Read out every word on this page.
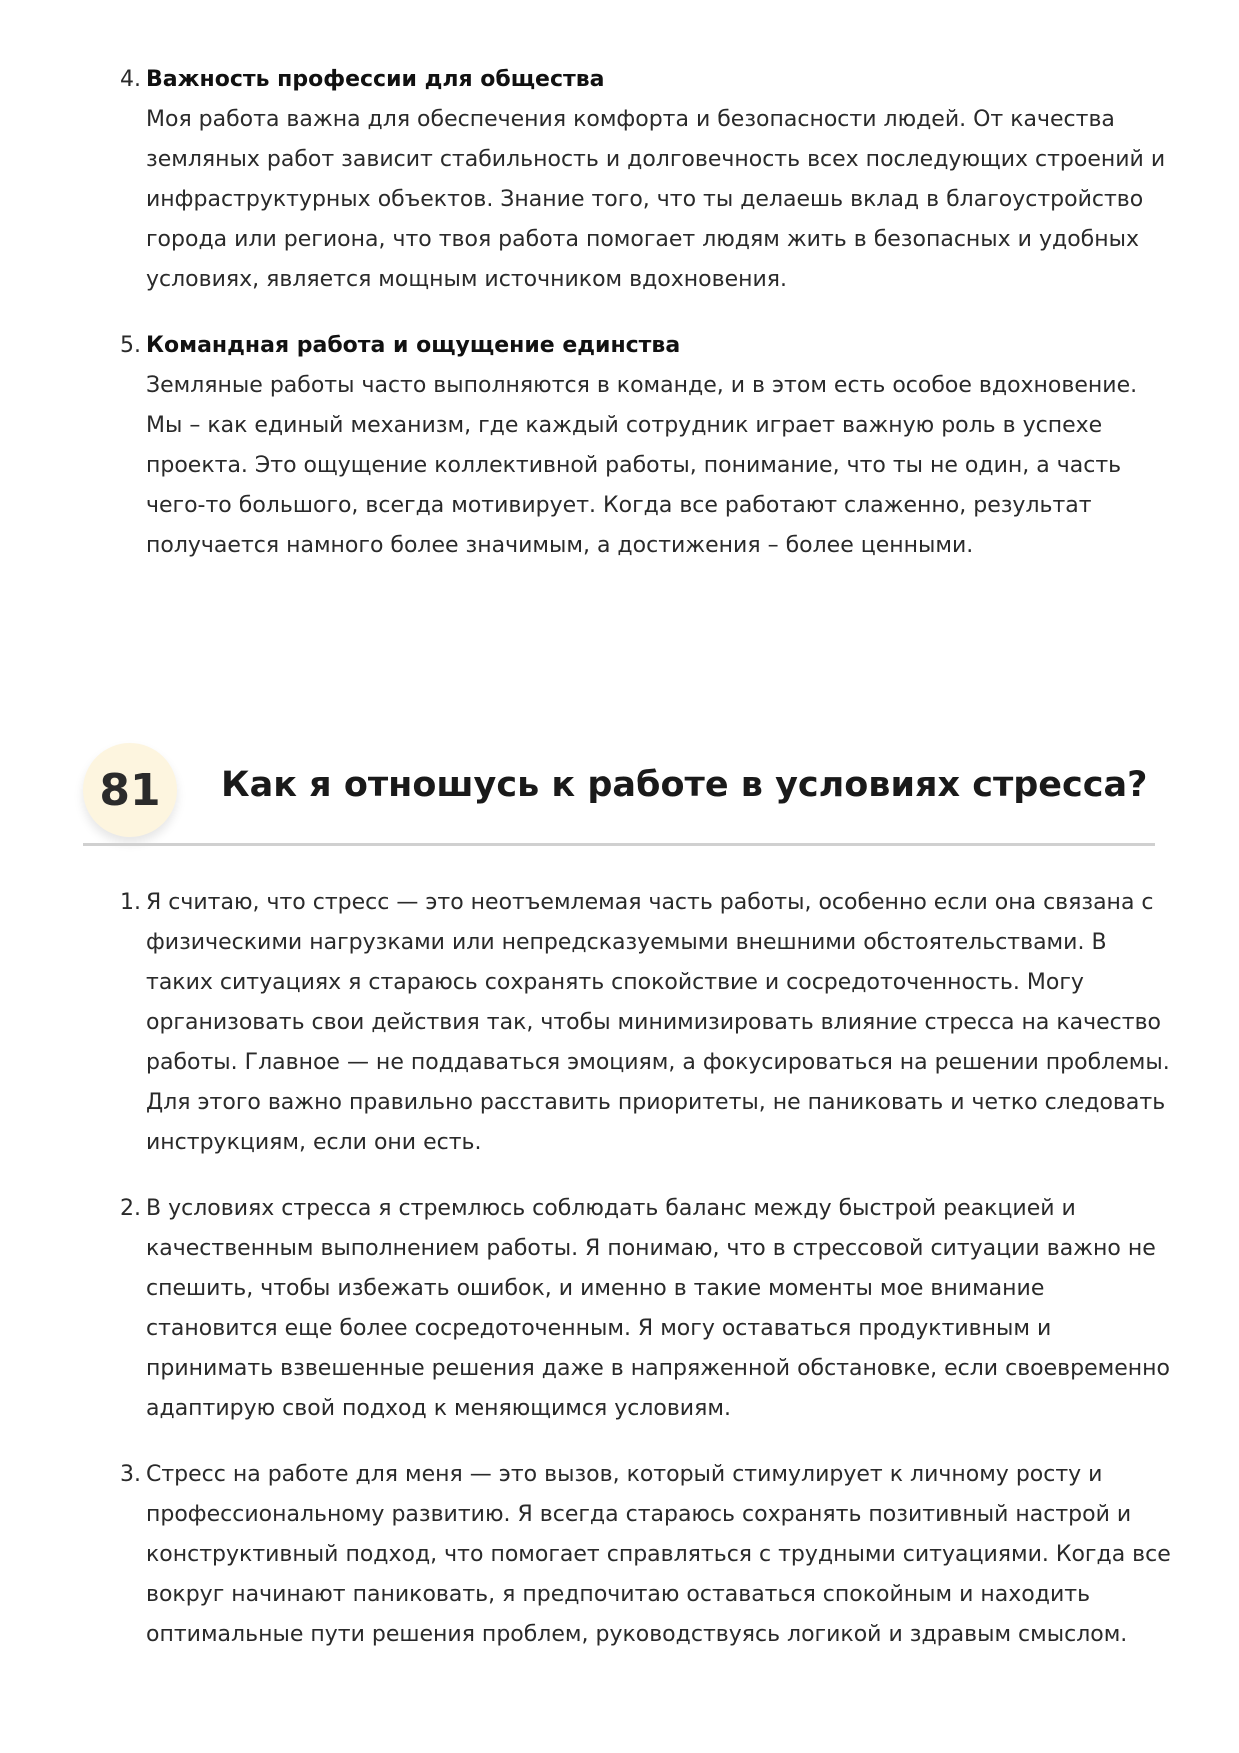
4. Важность профессии для общества
Моя работа важна для обеспечения комфорта и безопасности людей. От качества земляных работ зависит стабильность и долговечность всех последующих строений и инфраструктурных объектов. Знание того, что ты делаешь вклад в благоустройство города или региона, что твоя работа помогает людям жить в безопасных и удобных условиях, является мощным источником вдохновения.
5. Командная работа и ощущение единства
Земляные работы часто выполняются в команде, и в этом есть особое вдохновение. Мы – как единый механизм, где каждый сотрудник играет важную роль в успехе проекта. Это ощущение коллективной работы, понимание, что ты не один, а часть чего-то большого, всегда мотивирует. Когда все работают слаженно, результат получается намного более значимым, а достижения – более ценными.
81	Как я отношусь к работе в условиях стресса?
1. Я считаю, что стресс — это неотъемлемая часть работы, особенно если она связана с физическими нагрузками или непредсказуемыми внешними обстоятельствами. В таких ситуациях я стараюсь сохранять спокойствие и сосредоточенность. Могу организовать свои действия так, чтобы минимизировать влияние стресса на качество работы. Главное — не поддаваться эмоциям, а фокусироваться на решении проблемы. Для этого важно правильно расставить приоритеты, не паниковать и четко следовать инструкциям, если они есть.
2. В условиях стресса я стремлюсь соблюдать баланс между быстрой реакцией и качественным выполнением работы. Я понимаю, что в стрессовой ситуации важно не спешить, чтобы избежать ошибок, и именно в такие моменты мое внимание становится еще более сосредоточенным. Я могу оставаться продуктивным и принимать взвешенные решения даже в напряженной обстановке, если своевременно адаптирую свой подход к меняющимся условиям.
3. Стресс на работе для меня — это вызов, который стимулирует к личному росту и профессиональному развитию. Я всегда стараюсь сохранять позитивный настрой и конструктивный подход, что помогает справляться с трудными ситуациями. Когда все вокруг начинают паниковать, я предпочитаю оставаться спокойным и находить оптимальные пути решения проблем, руководствуясь логикой и здравым смыслом.
